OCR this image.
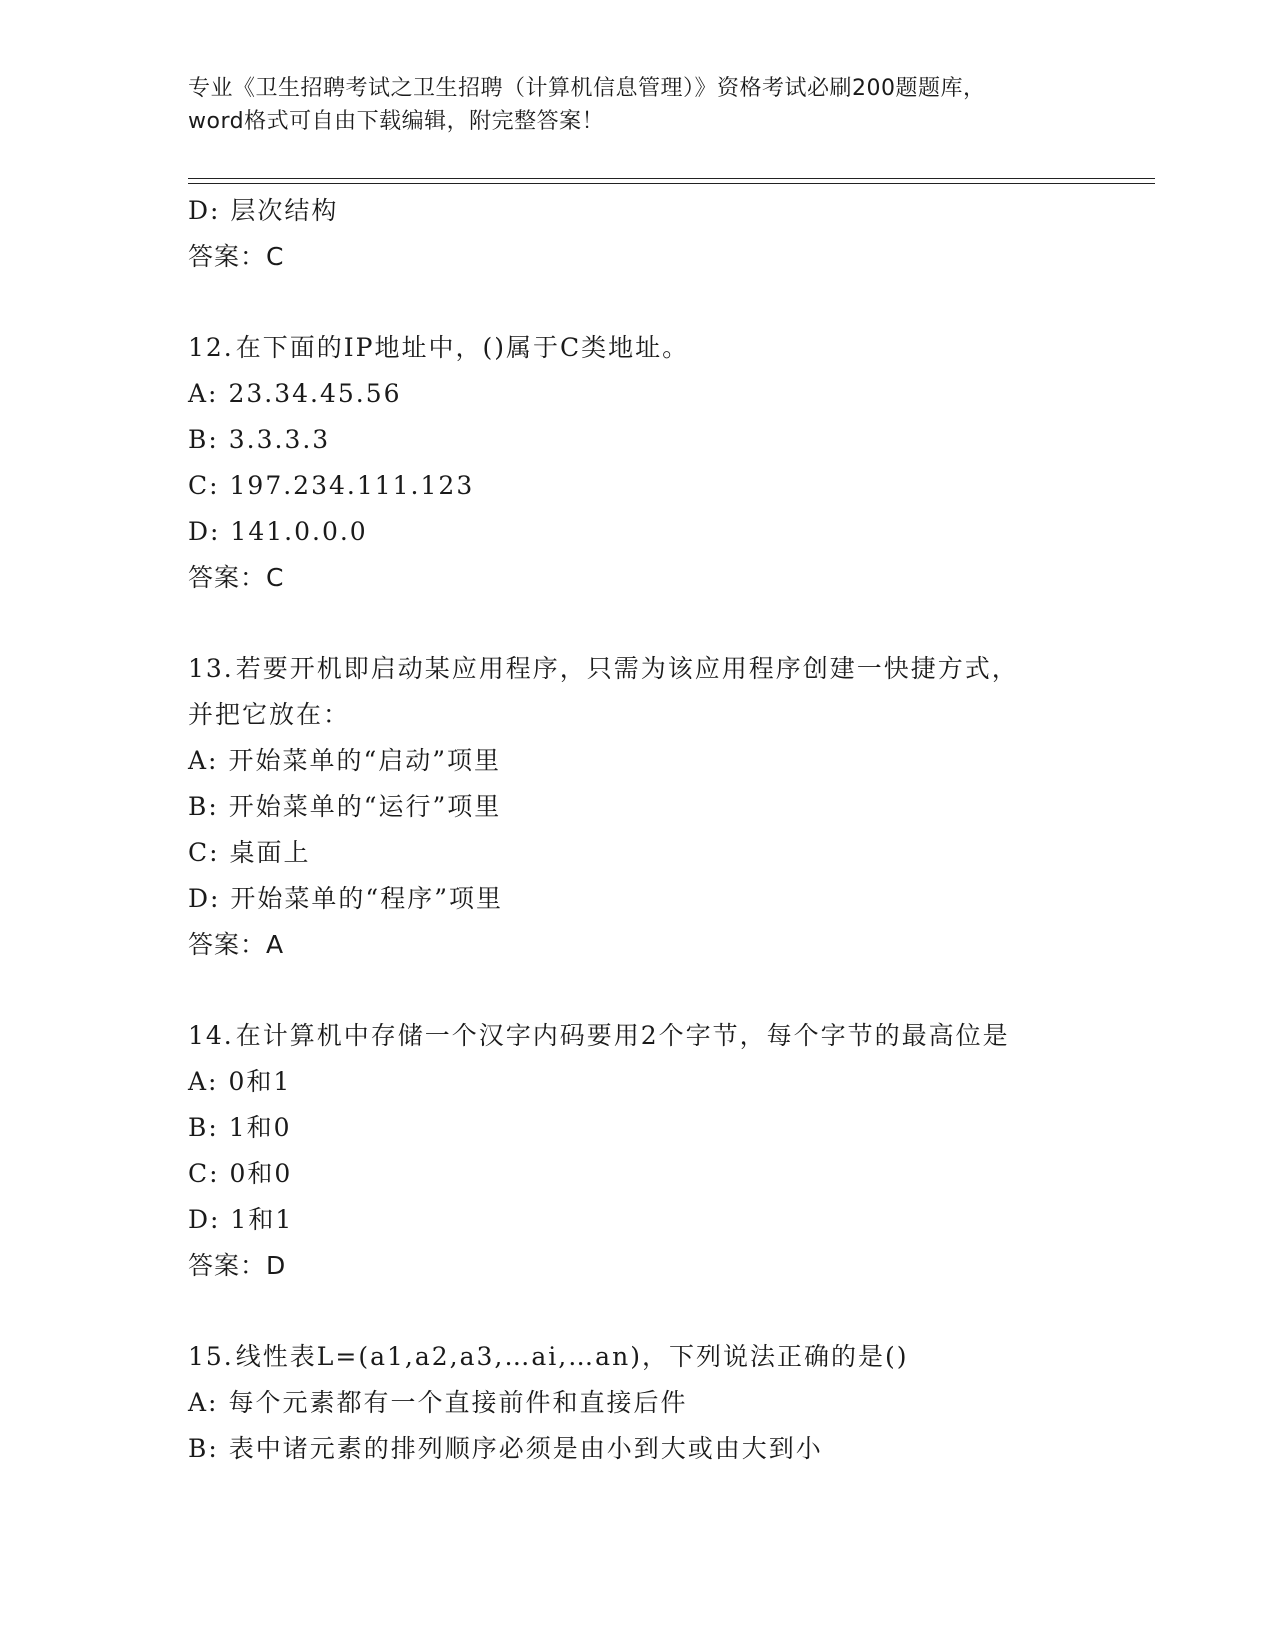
专业《卫生招聘考试之卫生招聘（计算机信息管理）》资格考试必刷200题题库，
word格式可自由下载编辑，附完整答案！
D: 层次结构
答案：C
12.在下面的IP地址中，()属于C类地址。
A: 23.34.45.56
B: 3.3.3.3
C: 197.234.111.123
D: 141.0.0.0
答案：C
13.若要开机即启动某应用程序，只需为该应用程序创建一快捷方式，
并把它放在：
A: 开始菜单的“启动”项里
B: 开始菜单的“运行”项里
C: 桌面上
D: 开始菜单的“程序”项里
答案：A
14.在计算机中存储一个汉字内码要用2个字节，每个字节的最高位是
A: 0和1
B: 1和0
C: 0和0
D: 1和1
答案：D
15.线性表L=(a1,a2,a3,…ai,…an)，下列说法正确的是()
A: 每个元素都有一个直接前件和直接后件
B: 表中诸元素的排列顺序必须是由小到大或由大到小
